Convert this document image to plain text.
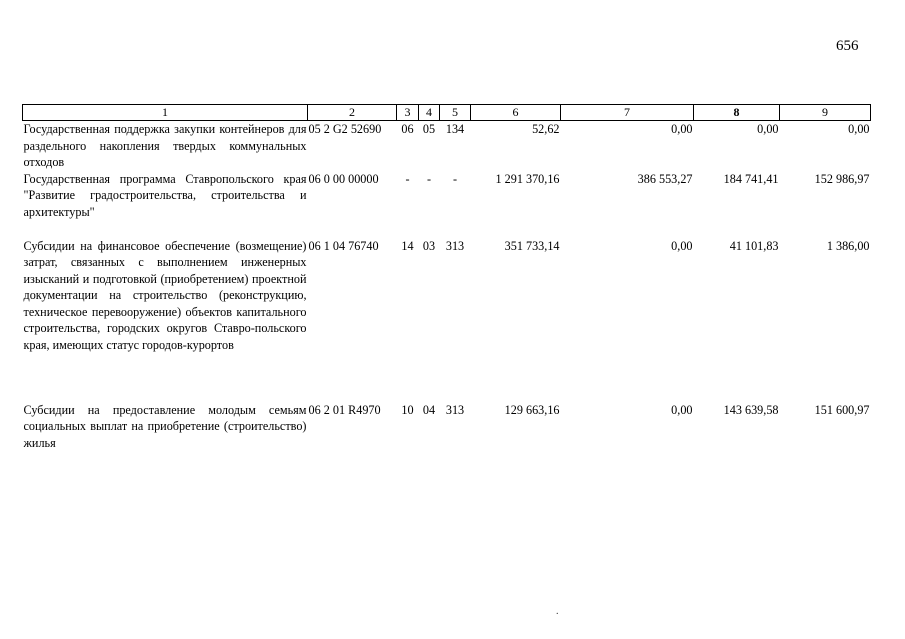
656
1	2	3	4	5	6	7	8	9
Государственная поддержка закупки контейнеров для раздельного накопления твердых коммунальных отходов	05 2 G2 52690	06	05	134	52,62	0,00	0,00	0,00
Государственная программа Ставропольского края "Развитие градостроительства, строительства и архитектуры"	06 0 00 00000	-	-	-	1 291 370,16	386 553,27	184 741,41	152 986,97
Субсидии на финансовое обеспечение (возмещение) затрат, связанных с выполнением инженерных изысканий и подготовкой (приобретением) проектной документации на строительство (реконструкцию, техническое перевооружение) объектов капитального строительства, городских округов Ставро-польского края, имеющих статус городов-курортов	06 1 04 76740	14	03	313	351 733,14	0,00	41 101,83	1 386,00
Субсидии на предоставление молодым семьям социальных выплат на приобретение (строительство) жилья	06 2 01 R4970	10	04	313	129 663,16	0,00	143 639,58	151 600,97
.
